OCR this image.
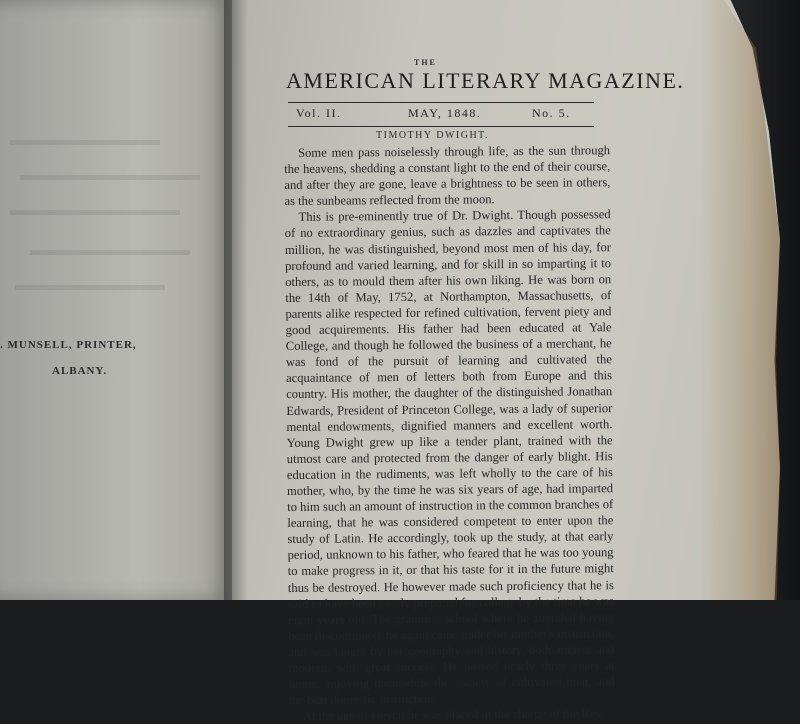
. MUNSELL, PRINTER,
ALBANY.
THE
AMERICAN LITERARY MAGAZINE.
Vol. II.	MAY, 1848.	No. 5.
TIMOTHY DWIGHT.

Some men pass noiselessly through life, as the sun through the heavens, shedding a constant light to the end of their course, and after they are gone, leave a brightness to be seen in others, as the sunbeams reflected from the moon.

This is pre-eminently true of Dr. Dwight. Though possessed of no extraordinary genius, such as dazzles and captivates the million, he was distinguished, beyond most men of his day, for profound and varied learning, and for skill in so imparting it to others, as to mould them after his own liking. He was born on the 14th of May, 1752, at Northampton, Massachusetts, of parents alike respected for refined cultivation, fervent piety and good acquirements. His father had been educated at Yale College, and though he followed the business of a merchant, he was fond of the pursuit of learning and cultivated the acquaintance of men of letters both from Europe and this country. His mother, the daughter of the distinguished Jonathan Edwards, President of Princeton College, was a lady of superior mental endowments, dignified manners and excellent worth. Young Dwight grew up like a tender plant, trained with the utmost care and protected from the danger of early blight. His education in the rudiments, was left wholly to the care of his mother, who, by the time he was six years of age, had imparted to him such an amount of instruction in the common branches of learning, that he was considered competent to enter upon the study of Latin. He accordingly, took up the study, at that early period, unknown to his father, who feared that he was too young to make progress in it, or that his taste for it in the future might thus be destroyed. He however made such proficiency that he is said to have been nearly prepared for college by the time he was eight years old. The grammar school where he attended having been discontinued, he again came under his mother's instruction, and was taught by her geography and history, both ancient and modern, with great success. He passed nearly three years at home, enjoying meanwhile the society of cultivated men, and the best domestic instruction.

At the age of eleven he was placed in the charge of the Rev.
